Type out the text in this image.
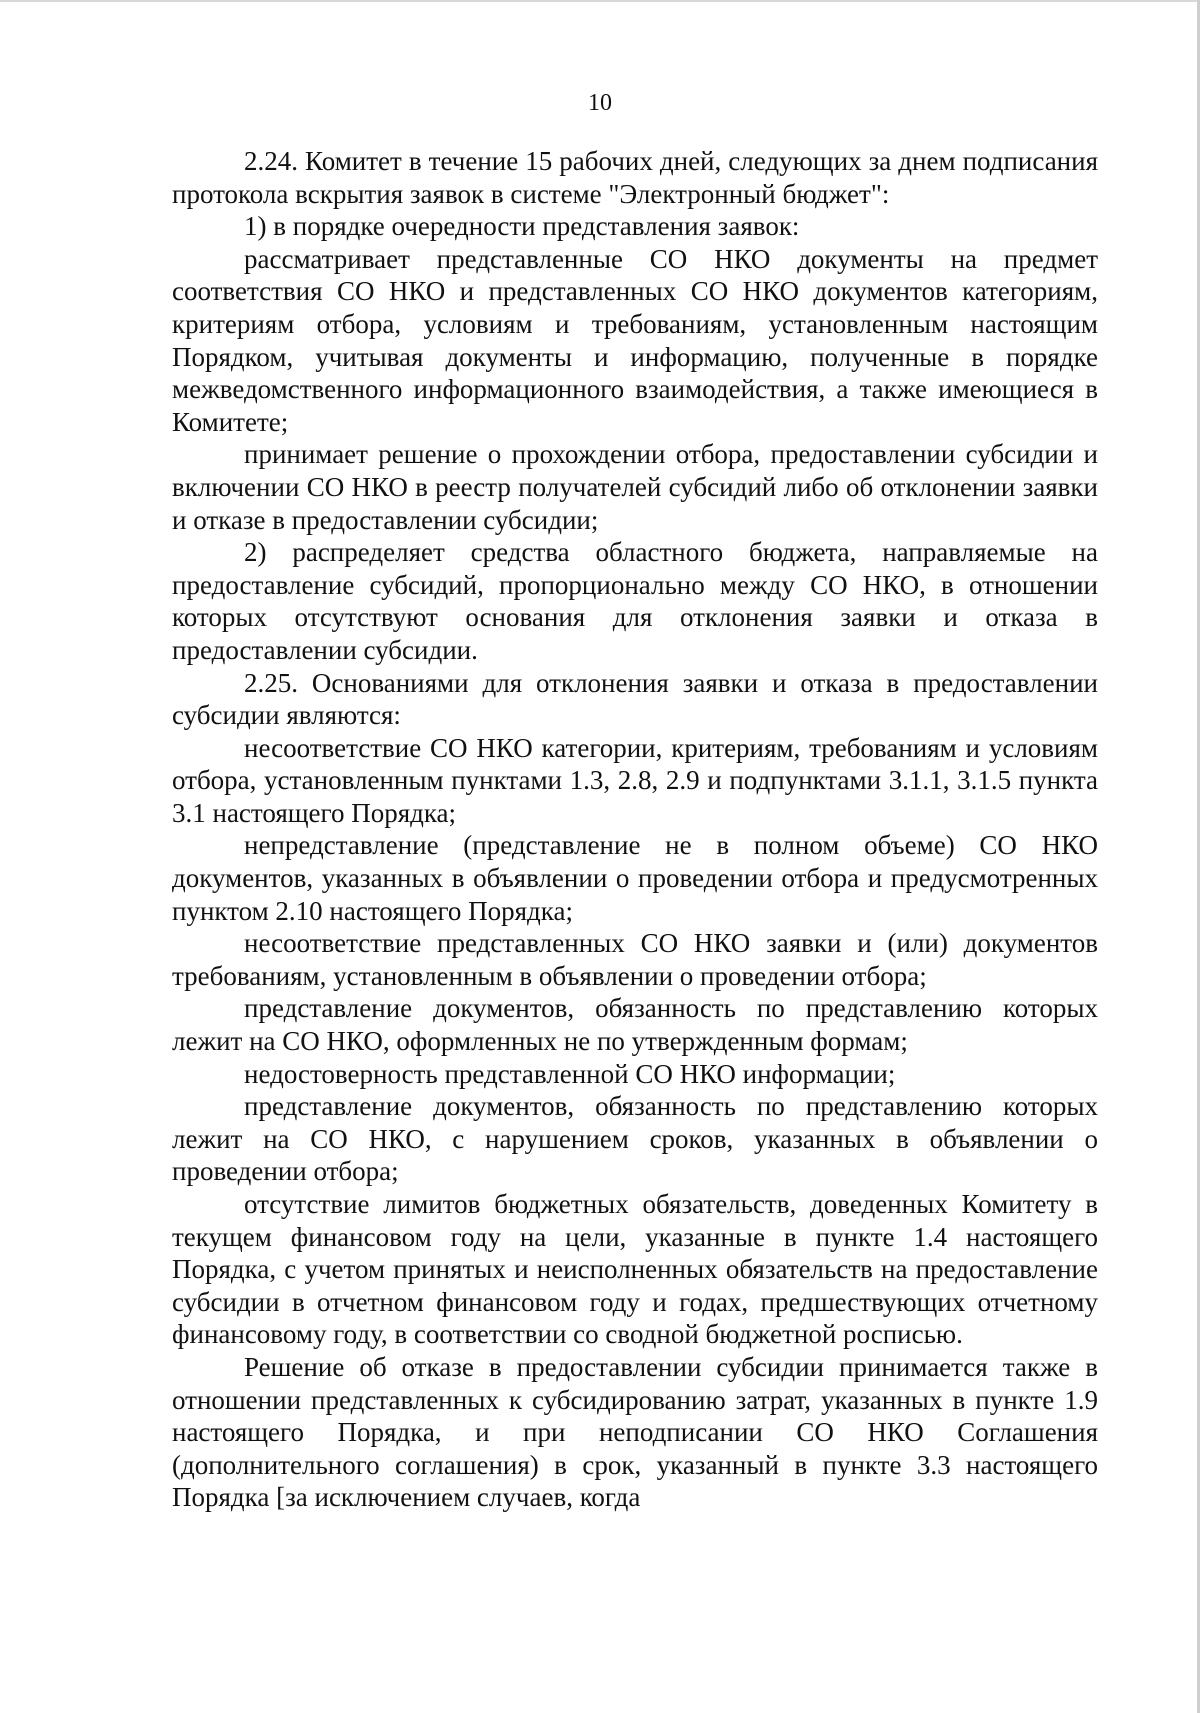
10

2.24. Комитет в течение 15 рабочих дней, следующих за днем подписания протокола вскрытия заявок в системе "Электронный бюджет":

1) в порядке очередности представления заявок:

рассматривает представленные СО НКО документы на предмет соответствия СО НКО и представленных СО НКО документов категориям, критериям отбора, условиям и требованиям, установленным настоящим Порядком, учитывая документы и информацию, полученные в порядке межведомственного информационного взаимодействия, а также имеющиеся в Комитете;

принимает решение о прохождении отбора, предоставлении субсидии и включении СО НКО в реестр получателей субсидий либо об отклонении заявки и отказе в предоставлении субсидии;

2) распределяет средства областного бюджета, направляемые на предоставление субсидий, пропорционально между СО НКО, в отношении которых отсутствуют основания для отклонения заявки и отказа в предоставлении субсидии.

2.25. Основаниями для отклонения заявки и отказа в предоставлении субсидии являются:

несоответствие СО НКО категории, критериям, требованиям и условиям отбора, установленным пунктами 1.3, 2.8, 2.9 и подпунктами 3.1.1, 3.1.5 пункта 3.1 настоящего Порядка;

непредставление (представление не в полном объеме) СО НКО документов, указанных в объявлении о проведении отбора и предусмотренных пунктом 2.10 настоящего Порядка;

несоответствие представленных СО НКО заявки и (или) документов требованиям, установленным в объявлении о проведении отбора;

представление документов, обязанность по представлению которых лежит на СО НКО, оформленных не по утвержденным формам;

недостоверность представленной СО НКО информации;

представление документов, обязанность по представлению которых лежит на СО НКО, с нарушением сроков, указанных в объявлении о проведении отбора;

отсутствие лимитов бюджетных обязательств, доведенных Комитету в текущем финансовом году на цели, указанные в пункте 1.4 настоящего Порядка, с учетом принятых и неисполненных обязательств на предоставление субсидии в отчетном финансовом году и годах, предшествующих отчетному финансовому году, в соответствии со сводной бюджетной росписью.

Решение об отказе в предоставлении субсидии принимается также в отношении представленных к субсидированию затрат, указанных в пункте 1.9 настоящего Порядка, и при неподписании СО НКО Соглашения (дополнительного соглашения) в срок, указанный в пункте 3.3 настоящего Порядка [за исключением случаев, когда
